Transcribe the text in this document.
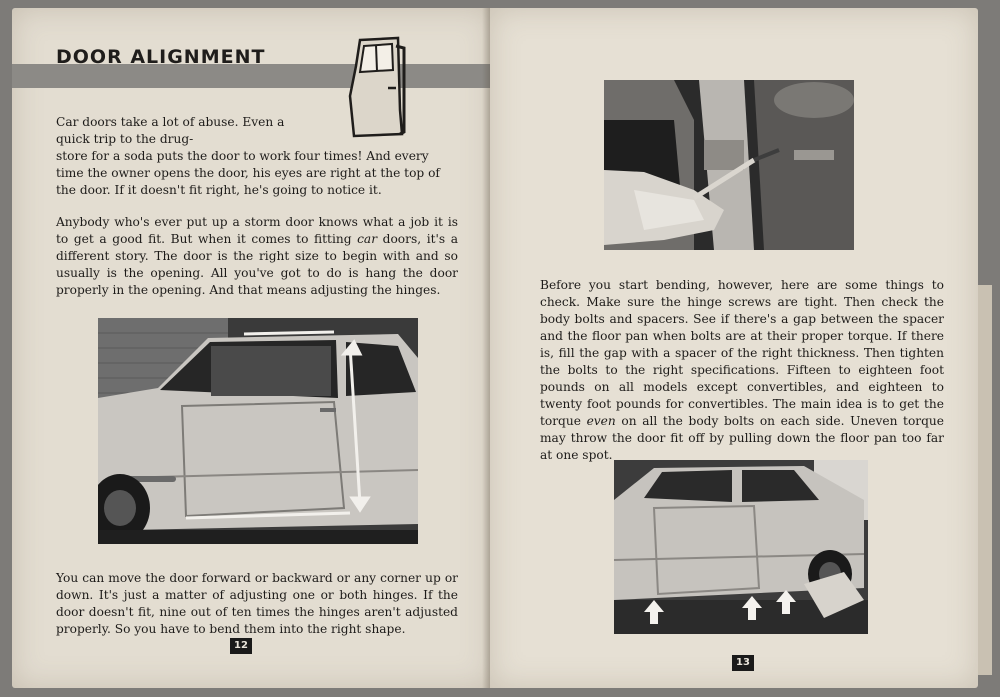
DOOR ALIGNMENT

Car doors take a lot of abuse. Even a quick trip to the drug-
store for a soda puts the door to work four times! And every time the owner opens the door, his eyes are right at the top of the door. If it doesn't fit right, he's going to notice it.

Anybody who's ever put up a storm door knows what a job it is to get a good fit. But when it comes to fitting car doors, it's a different story. The door is the right size to begin with and so usually is the opening. All you've got to do is hang the door properly in the opening. And that means adjusting the hinges.

You can move the door forward or backward or any corner up or down. It's just a matter of adjusting one or both hinges. If the door doesn't fit, nine out of ten times the hinges aren't adjusted properly. So you have to bend them into the right shape.

12

Before you start bending, however, here are some things to check. Make sure the hinge screws are tight. Then check the body bolts and spacers. See if there's a gap between the spacer and the floor pan when bolts are at their proper torque. If there is, fill the gap with a spacer of the right thickness. Then tighten the bolts to the right specifications. Fifteen to eighteen foot pounds on all models except convertibles, and eighteen to twenty foot pounds for convertibles. The main idea is to get the torque even on all the body bolts on each side. Uneven torque may throw the door fit off by pulling down the floor pan too far at one spot.

13
